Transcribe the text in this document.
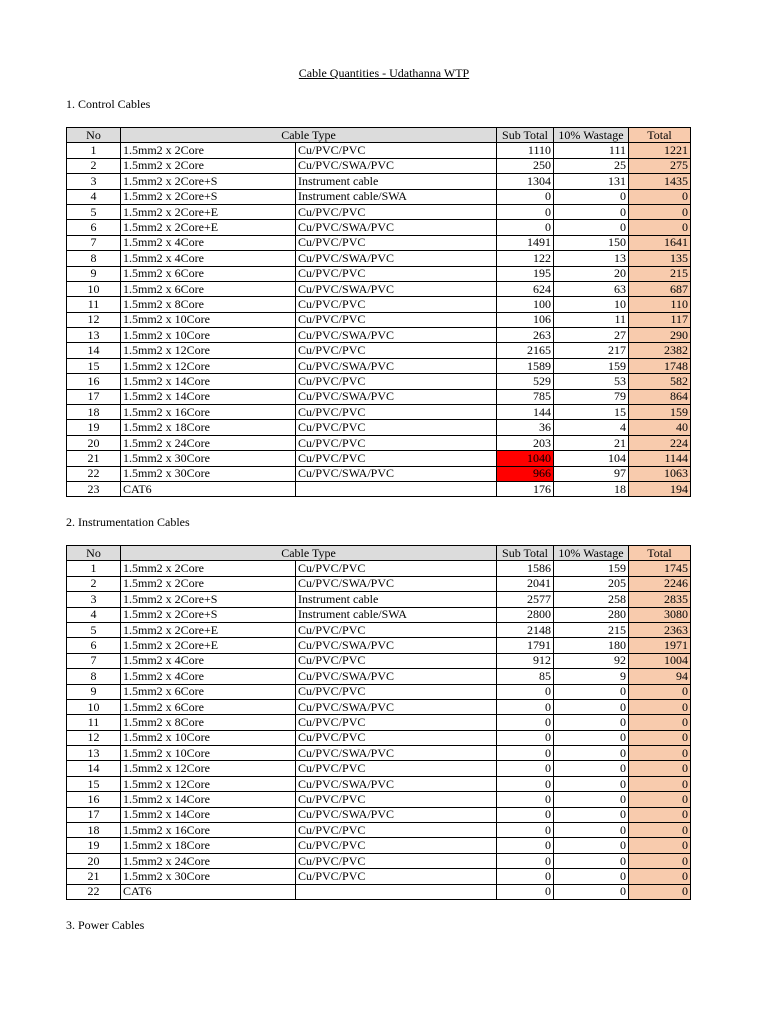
Cable Quantities - Udathanna WTP
1. Control Cables
No	Cable Type		Sub Total	10% Wastage	Total
1	1.5mm2 x 2Core	Cu/PVC/PVC	1110	111	1221
2	1.5mm2 x 2Core	Cu/PVC/SWA/PVC	250	25	275
3	1.5mm2 x 2Core+S	Instrument cable	1304	131	1435
4	1.5mm2 x 2Core+S	Instrument cable/SWA	0	0	0
5	1.5mm2 x 2Core+E	Cu/PVC/PVC	0	0	0
6	1.5mm2 x 2Core+E	Cu/PVC/SWA/PVC	0	0	0
7	1.5mm2 x 4Core	Cu/PVC/PVC	1491	150	1641
8	1.5mm2 x 4Core	Cu/PVC/SWA/PVC	122	13	135
9	1.5mm2 x 6Core	Cu/PVC/PVC	195	20	215
10	1.5mm2 x 6Core	Cu/PVC/SWA/PVC	624	63	687
11	1.5mm2 x 8Core	Cu/PVC/PVC	100	10	110
12	1.5mm2 x 10Core	Cu/PVC/PVC	106	11	117
13	1.5mm2 x 10Core	Cu/PVC/SWA/PVC	263	27	290
14	1.5mm2 x 12Core	Cu/PVC/PVC	2165	217	2382
15	1.5mm2 x 12Core	Cu/PVC/SWA/PVC	1589	159	1748
16	1.5mm2 x 14Core	Cu/PVC/PVC	529	53	582
17	1.5mm2 x 14Core	Cu/PVC/SWA/PVC	785	79	864
18	1.5mm2 x 16Core	Cu/PVC/PVC	144	15	159
19	1.5mm2 x 18Core	Cu/PVC/PVC	36	4	40
20	1.5mm2 x 24Core	Cu/PVC/PVC	203	21	224
21	1.5mm2 x 30Core	Cu/PVC/PVC	1040	104	1144
22	1.5mm2 x 30Core	Cu/PVC/SWA/PVC	966	97	1063
23	CAT6		176	18	194
2. Instrumentation Cables
No	Cable Type		Sub Total	10% Wastage	Total
1	1.5mm2 x 2Core	Cu/PVC/PVC	1586	159	1745
2	1.5mm2 x 2Core	Cu/PVC/SWA/PVC	2041	205	2246
3	1.5mm2 x 2Core+S	Instrument cable	2577	258	2835
4	1.5mm2 x 2Core+S	Instrument cable/SWA	2800	280	3080
5	1.5mm2 x 2Core+E	Cu/PVC/PVC	2148	215	2363
6	1.5mm2 x 2Core+E	Cu/PVC/SWA/PVC	1791	180	1971
7	1.5mm2 x 4Core	Cu/PVC/PVC	912	92	1004
8	1.5mm2 x 4Core	Cu/PVC/SWA/PVC	85	9	94
9	1.5mm2 x 6Core	Cu/PVC/PVC	0	0	0
10	1.5mm2 x 6Core	Cu/PVC/SWA/PVC	0	0	0
11	1.5mm2 x 8Core	Cu/PVC/PVC	0	0	0
12	1.5mm2 x 10Core	Cu/PVC/PVC	0	0	0
13	1.5mm2 x 10Core	Cu/PVC/SWA/PVC	0	0	0
14	1.5mm2 x 12Core	Cu/PVC/PVC	0	0	0
15	1.5mm2 x 12Core	Cu/PVC/SWA/PVC	0	0	0
16	1.5mm2 x 14Core	Cu/PVC/PVC	0	0	0
17	1.5mm2 x 14Core	Cu/PVC/SWA/PVC	0	0	0
18	1.5mm2 x 16Core	Cu/PVC/PVC	0	0	0
19	1.5mm2 x 18Core	Cu/PVC/PVC	0	0	0
20	1.5mm2 x 24Core	Cu/PVC/PVC	0	0	0
21	1.5mm2 x 30Core	Cu/PVC/PVC	0	0	0
22	CAT6		0	0	0
3. Power Cables
